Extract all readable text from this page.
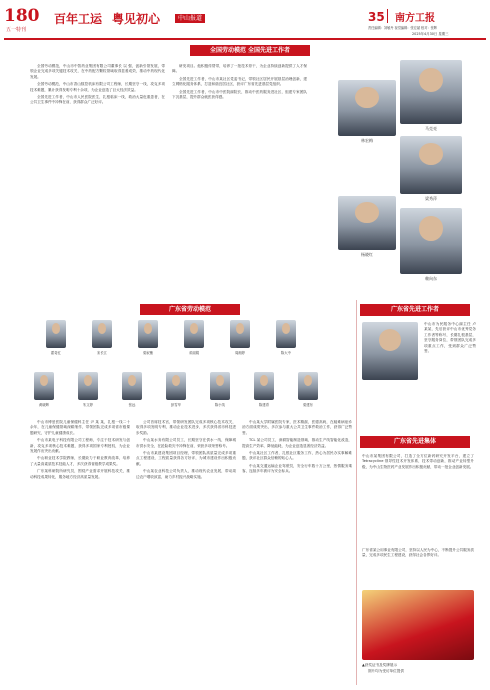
180
五一特刊
百年工运 粤见初心	中山报道	35 南方工报
责任编辑：刘敏丹 视觉编辑：张宏斌 校对：张辉
2025年4月30日 星期三
全国劳动模范 全国先进工作者

全国劳动模范，中山市中智药业集团有限公司董事长 以 强，创新引领发展，带领企业完成多项关键技术攻关，在中药配方颗粒领域取得显著成效，推动中药现代化发展。

全国劳动模范，中山市香山数控机床有限公司工程师，长期坚守一线，攻克多项技术难题，累计获得发明专利十余项，为企业创造了巨大经济效益。

全国先进工作者，中山市人民医院医生，扎根临床一线，救治大量危重患者，在公共卫生事件中冲锋在前，获得群众广泛好评。

研发项目。他积极传帮带，培养了一批技术骨干，为企业持续创新提供了人才保障。

全国先进工作者，中山市某社区党委书记，带领社区居民开展基层治理创新，建立网格化服务体系，打造和谐宜居社区，获评广东省先进基层党组织。

全国先进工作者，中山市中医院副院长，推动中医药服务进社区，组建专家团队下沉基层，提升群众就医获得感。

马克亮
林宏梅
梁秀萍
杨晓红
赖向东
广东省劳动模范
霍奇红	宋长江	梁叙衡	邓丽娟	周湘婷	陈大中
黄晓辉	朱文婷	张远	彭雪华	陈小英	陈建青	梁建东
广东省先进工作者
中山市为民服务中心副主任 卢 某某，先后获评中山市优秀党务工作者等称号，长期扎根基层，坚守服务岗位，带领团队完成多项重点工作，受到群众广泛赞誉。
广东省先进集体
中山市某集团有限公司，打造了全方位新药研究开发平台，建立了 Tetracycline 领导性技术开发体系，技术带动创新，推动产业转型升级，为中山生物医药产业发展作出积极贡献，带动一批企业创新发展。
广东省某公用事业有限公司，坚持以人民为中心，不断提升公共服务质量，完成多项民生工程建设，获得社会各界好评。
▲获奖证书及奖牌展示
图片均为受访单位提供

中山市博爱医院儿童保健科主任 尹 某 某，扎根一线二十余年，在儿童保健领域深耕细作，带领团队完成多项省市级课题研究，守护儿童健康成长。

中山市某电子科技有限公司工程师，专注于技术研发与创新，攻克多项核心技术难题，获得多项国家专利授权，为企业发展作出突出贡献。

中山职业技术学院教师，长期致力于职业教育改革，培养了大量高素质技术技能人才，多次获得省级教学成果奖。

广东某科研院所研究员，围绕产业需求开展科技攻关，推动科技成果转化，服务地方经济高质量发展。

公司首席技术官，带领研发团队完成多项核心技术攻关，取得多项发明专利，推动企业技术进步，多次获得省市科技进步奖励。

中山某水务有限公司员工，长期坚守在供水一线，保障城市供水安全，在抢险救灾中冲锋在前，荣获多项荣誉称号。

中山市某建设集团项目经理，带领团队高质量完成多项重点工程建设，工程质量获得各方好评，为城市建设作出积极贡献。

中山某农业科技公司负责人，推动现代农业发展，带动周边农户增收致富，助力乡村振兴战略实施。

中山某大学附属医院专家，医术精湛，医德高尚，在疑难病症诊治方面成绩突出，多次参与重大公共卫生事件救治工作，获得广泛赞誉。

TCL 某公司员工，深耕智能制造领域，推动生产线智能化改造，提高生产效率，降低能耗，为企业创造显著经济效益。

中山某社区工作者，扎根社区服务工作，热心为居民办实事解难题，获评社区群众信赖的贴心人。

中山某交通运输企业驾驶员，安全行车数十万公里，热情服务乘客，连续多年被评为安全标兵。
